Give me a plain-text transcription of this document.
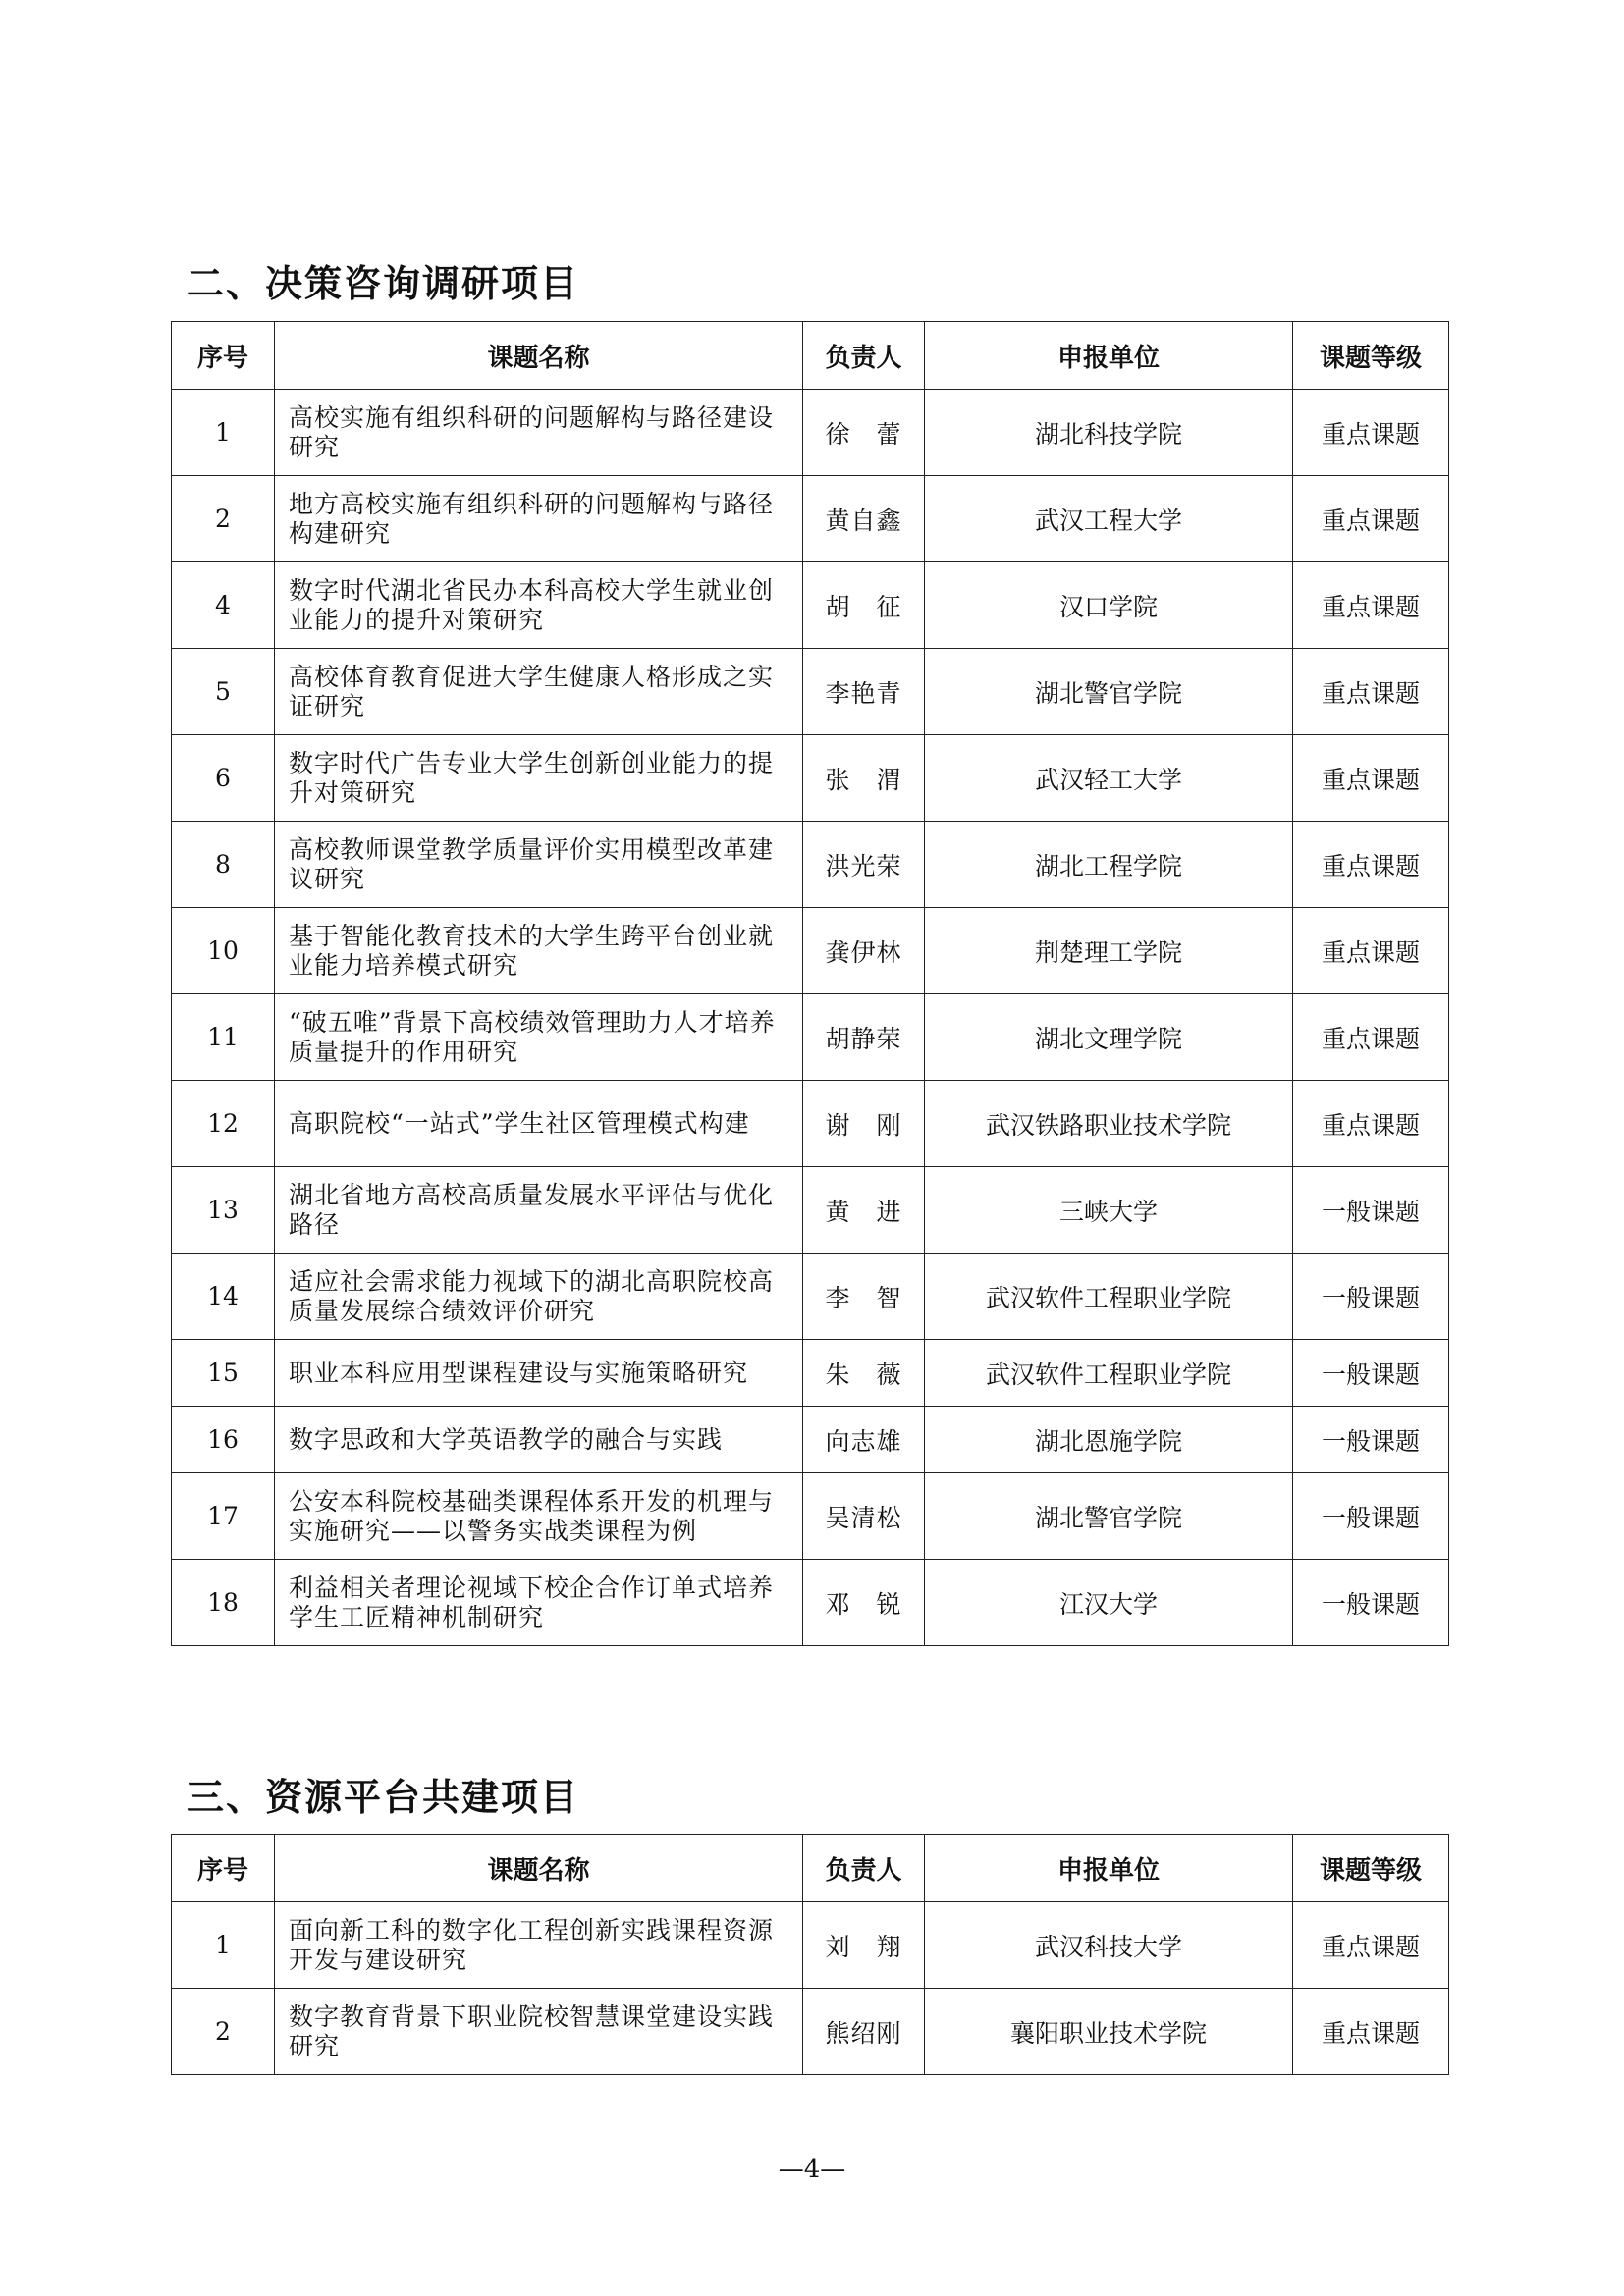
二、决策咨询调研项目
序号	课题名称	负责人	申报单位	课题等级
1	高校实施有组织科研的问题解构与路径建设研究	徐　蕾	湖北科技学院	重点课题
2	地方高校实施有组织科研的问题解构与路径构建研究	黄自鑫	武汉工程大学	重点课题
4	数字时代湖北省民办本科高校大学生就业创业能力的提升对策研究	胡　征	汉口学院	重点课题
5	高校体育教育促进大学生健康人格形成之实证研究	李艳青	湖北警官学院	重点课题
6	数字时代广告专业大学生创新创业能力的提升对策研究	张　渭	武汉轻工大学	重点课题
8	高校教师课堂教学质量评价实用模型改革建议研究	洪光荣	湖北工程学院	重点课题
10	基于智能化教育技术的大学生跨平台创业就业能力培养模式研究	龚伊林	荆楚理工学院	重点课题
11	“破五唯”背景下高校绩效管理助力人才培养质量提升的作用研究	胡静荣	湖北文理学院	重点课题
12	高职院校“一站式”学生社区管理模式构建	谢　刚	武汉铁路职业技术学院	重点课题
13	湖北省地方高校高质量发展水平评估与优化路径	黄　进	三峡大学	一般课题
14	适应社会需求能力视域下的湖北高职院校高质量发展综合绩效评价研究	李　智	武汉软件工程职业学院	一般课题
15	职业本科应用型课程建设与实施策略研究	朱　薇	武汉软件工程职业学院	一般课题
16	数字思政和大学英语教学的融合与实践	向志雄	湖北恩施学院	一般课题
17	公安本科院校基础类课程体系开发的机理与实施研究——以警务实战类课程为例	吴清松	湖北警官学院	一般课题
18	利益相关者理论视域下校企合作订单式培养学生工匠精神机制研究	邓　锐	江汉大学	一般课题
三、资源平台共建项目
序号	课题名称	负责人	申报单位	课题等级
1	面向新工科的数字化工程创新实践课程资源开发与建设研究	刘　翔	武汉科技大学	重点课题
2	数字教育背景下职业院校智慧课堂建设实践研究	熊绍刚	襄阳职业技术学院	重点课题
—4—
